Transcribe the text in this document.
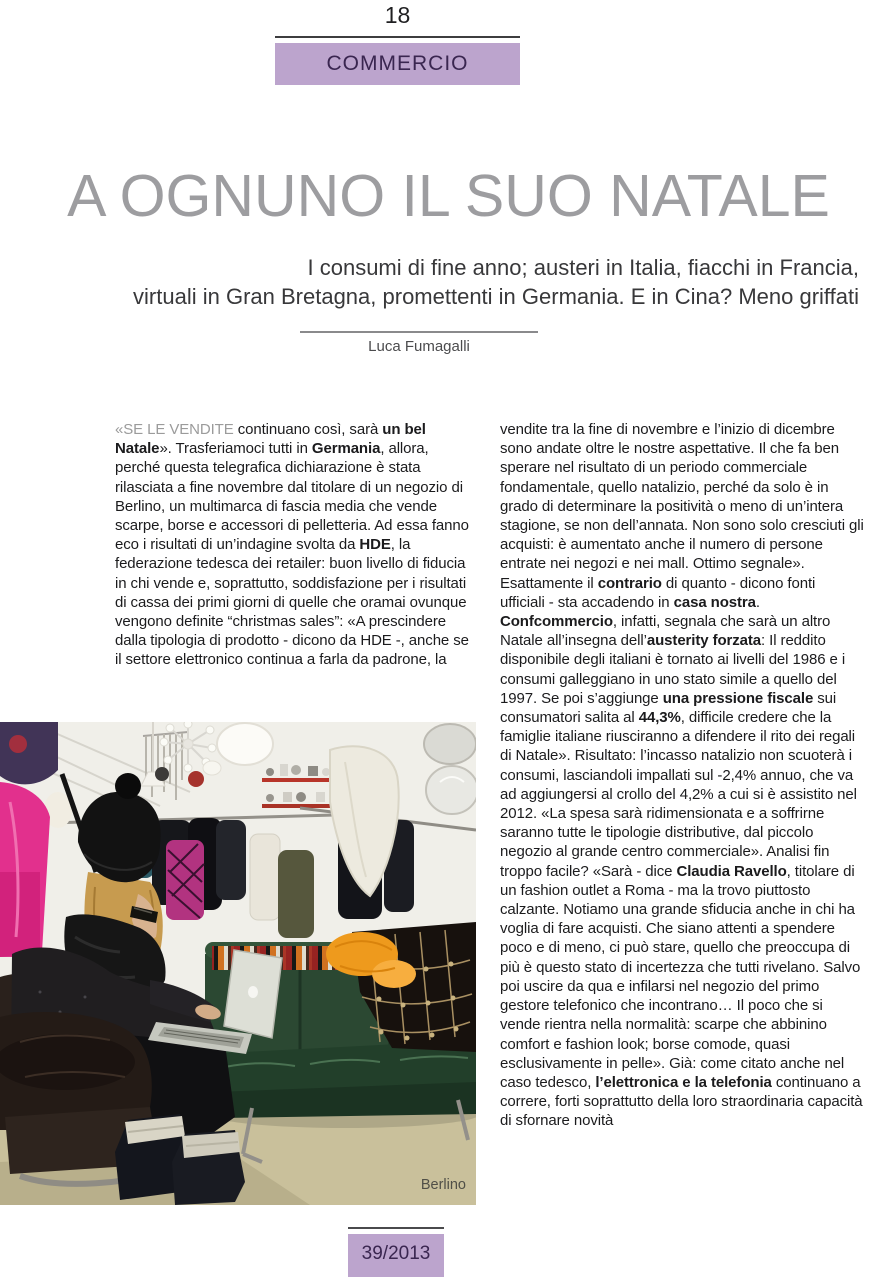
18
COMMERCIO
A OGNUNO IL SUO NATALE
I consumi di fine anno; austeri in Italia, fiacchi in Francia,
virtuali in Gran Bretagna, promettenti in Germania. E in Cina? Meno griffati
Luca Fumagalli

«SE LE VENDITE continuano così, sarà un bel Natale». Trasferiamoci tutti in Germania, allora, perché questa telegrafica dichiarazione è stata rilasciata a fine novembre dal titolare di un negozio di Berlino, un multimarca di fascia media che vende scarpe, borse e accessori di pelletteria. Ad essa fanno eco i risultati di un’indagine svolta da HDE, la federazione tedesca dei retailer: buon livello di fiducia in chi vende e, soprattutto, soddisfazione per i risultati di cassa dei primi giorni di quelle che oramai ovunque vengono definite “christmas sales”: «A prescindere dalla tipologia di prodotto - dicono da HDE -, anche se il settore elettronico continua a farla da padrone, la

vendite tra la fine di novembre e l’inizio di dicembre sono andate oltre le nostre aspettative. Il che fa ben sperare nel risultato di un periodo commerciale fondamentale, quello natalizio, perché da solo è in grado di determinare la positività o meno di un’intera stagione, se non dell’annata. Non sono solo cresciuti gli acquisti: è aumentato anche il numero di persone entrate nei negozi e nei mall. Ottimo segnale».

Esattamente il contrario di quanto - dicono fonti ufficiali - sta accadendo in casa nostra. Confcommercio, infatti, segnala che sarà un altro Natale all’insegna dell’austerity forzata: Il reddito disponibile degli italiani è tornato ai livelli del 1986 e i consumi galleggiano in uno stato simile a quello del 1997. Se poi s’aggiunge una pressione fiscale sui consumatori salita al 44,3%, difficile credere che la famiglie italiane riusciranno a difendere il rito dei regali di Natale». Risultato: l’incasso natalizio non scuoterà i consumi, lasciandoli impallati sul -2,4% annuo, che va ad aggiungersi al crollo del 4,2% a cui si è assistito nel 2012. «La spesa sarà ridimensionata e a soffrirne saranno tutte le tipologie distributive, dal piccolo negozio al grande centro commerciale». Analisi fin troppo facile? «Sarà - dice Claudia Ravello, titolare di un fashion outlet a Roma - ma la trovo piuttosto calzante. Notiamo una grande sfiducia anche in chi ha voglia di fare acquisti. Che siano attenti a spendere poco e di meno, ci può stare, quello che preoccupa di più è questo stato di incertezza che tutti rivelano. Salvo poi uscire da qua e infilarsi nel negozio del primo gestore telefonico che incontrano… Il poco che si vende rientra nella normalità: scarpe che abbinino comfort e fashion look; borse comode, quasi esclusivamente in pelle». Già: come citato anche nel caso tedesco, l’elettronica e la telefonia continuano a correre, forti soprattutto della loro straordinaria capacità di sfornare novità

Berlino
39/2013
